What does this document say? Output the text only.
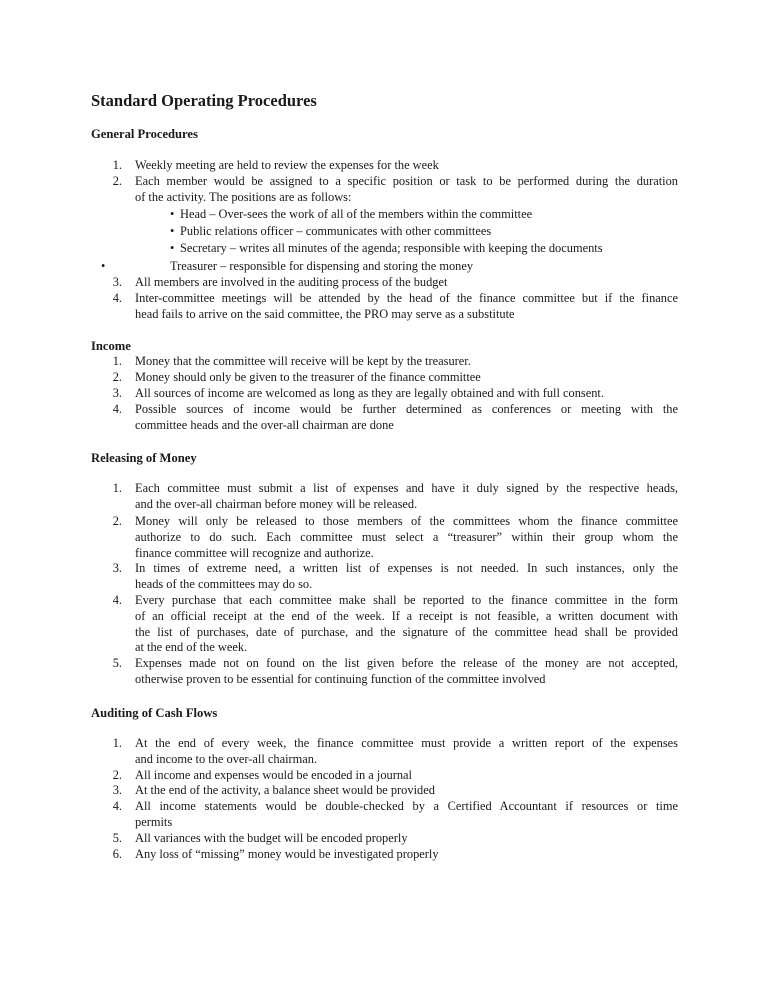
Standard Operating Procedures
General Procedures
1. Weekly meeting are held to review the expenses for the week
2. Each member would be assigned to a specific position or task to be performed during the duration
of the activity. The positions are as follows:
• Head – Over-sees the work of all of the members within the committee
• Public relations officer – communicates with other committees
• Secretary – writes all minutes of the agenda; responsible with keeping the documents
•	Treasurer – responsible for dispensing and storing the money
3. All members are involved in the auditing process of the budget
4. Inter-committee meetings will be attended by the head of the finance committee but if the finance
head fails to arrive on the said committee, the PRO may serve as a substitute
Income
1. Money that the committee will receive will be kept by the treasurer.
2. Money should only be given to the treasurer of the finance committee
3. All sources of income are welcomed as long as they are legally obtained and with full consent.
4. Possible sources of income would be further determined as conferences or meeting with the
committee heads and the over-all chairman are done
Releasing of Money
1. Each committee must submit a list of expenses and have it duly signed by the respective heads,
and the over-all chairman before money will be released.
2. Money will only be released to those members of the committees whom the finance committee
authorize to do such. Each committee must select a “treasurer” within their group whom the
finance committee will recognize and authorize.
3. In times of extreme need, a written list of expenses is not needed. In such instances, only the
heads of the committees may do so.
4. Every purchase that each committee make shall be reported to the finance committee in the form
of an official receipt at the end of the week. If a receipt is not feasible, a written document with
the list of purchases, date of purchase, and the signature of the committee head shall be provided
at the end of the week.
5. Expenses made not on found on the list given before the release of the money are not accepted,
otherwise proven to be essential for continuing function of the committee involved
Auditing of Cash Flows
1. At the end of every week, the finance committee must provide a written report of the expenses
and income to the over-all chairman.
2. All income and expenses would be encoded in a journal
3. At the end of the activity, a balance sheet would be provided
4. All income statements would be double-checked by a Certified Accountant if resources or time
permits
5. All variances with the budget will be encoded properly
6. Any loss of “missing” money would be investigated properly
